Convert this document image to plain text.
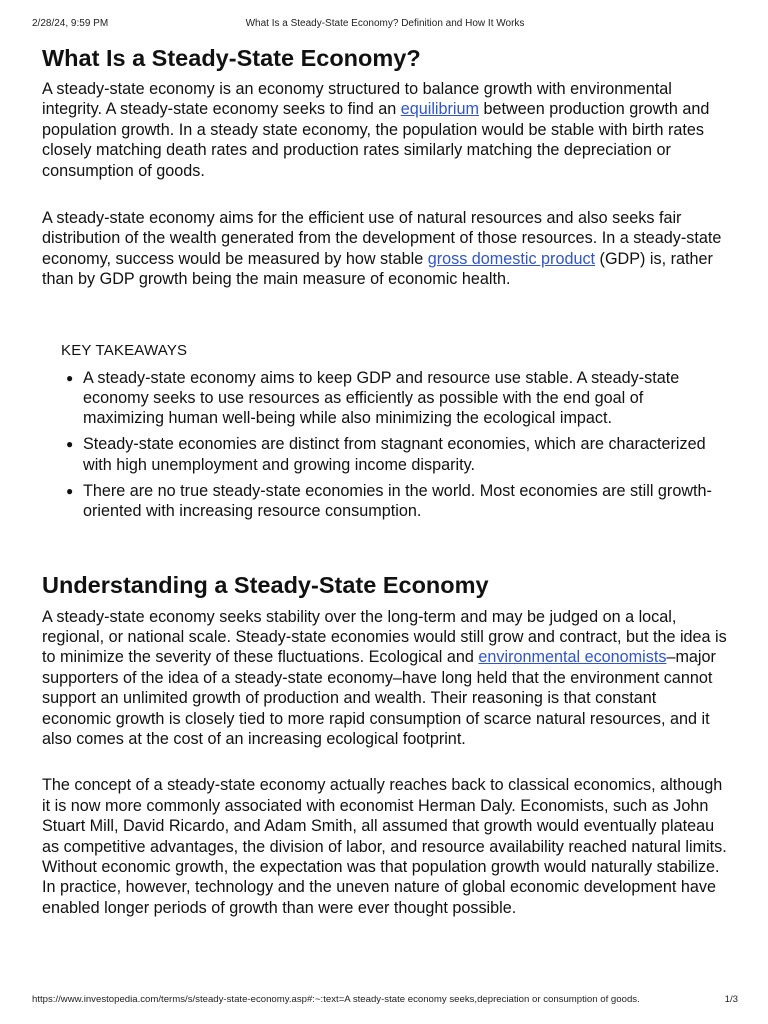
2/28/24, 9:59 PM	What Is a Steady-State Economy? Definition and How It Works
What Is a Steady-State Economy?

A steady-state economy is an economy structured to balance growth with environmental integrity. A steady-state economy seeks to find an equilibrium between production growth and population growth. In a steady state economy, the population would be stable with birth rates closely matching death rates and production rates similarly matching the depreciation or consumption of goods.

A steady-state economy aims for the efficient use of natural resources and also seeks fair distribution of the wealth generated from the development of those resources. In a steady-state economy, success would be measured by how stable gross domestic product (GDP) is, rather than by GDP growth being the main measure of economic health.

KEY TAKEAWAYS
● A steady-state economy aims to keep GDP and resource use stable. A steady-state economy seeks to use resources as efficiently as possible with the end goal of maximizing human well-being while also minimizing the ecological impact.
● Steady-state economies are distinct from stagnant economies, which are characterized with high unemployment and growing income disparity.
● There are no true steady-state economies in the world. Most economies are still growth-oriented with increasing resource consumption.
Understanding a Steady-State Economy

A steady-state economy seeks stability over the long-term and may be judged on a local, regional, or national scale. Steady-state economies would still grow and contract, but the idea is to minimize the severity of these fluctuations. Ecological and environmental economists–major supporters of the idea of a steady-state economy–have long held that the environment cannot support an unlimited growth of production and wealth. Their reasoning is that constant economic growth is closely tied to more rapid consumption of scarce natural resources, and it also comes at the cost of an increasing ecological footprint.

The concept of a steady-state economy actually reaches back to classical economics, although it is now more commonly associated with economist Herman Daly. Economists, such as John Stuart Mill, David Ricardo, and Adam Smith, all assumed that growth would eventually plateau as competitive advantages, the division of labor, and resource availability reached natural limits. Without economic growth, the expectation was that population growth would naturally stabilize. In practice, however, technology and the uneven nature of global economic development have enabled longer periods of growth than were ever thought possible.

https://www.investopedia.com/terms/s/steady-state-economy.asp#:~:text=A steady-state economy seeks,depreciation or consumption of goods.	1/3
